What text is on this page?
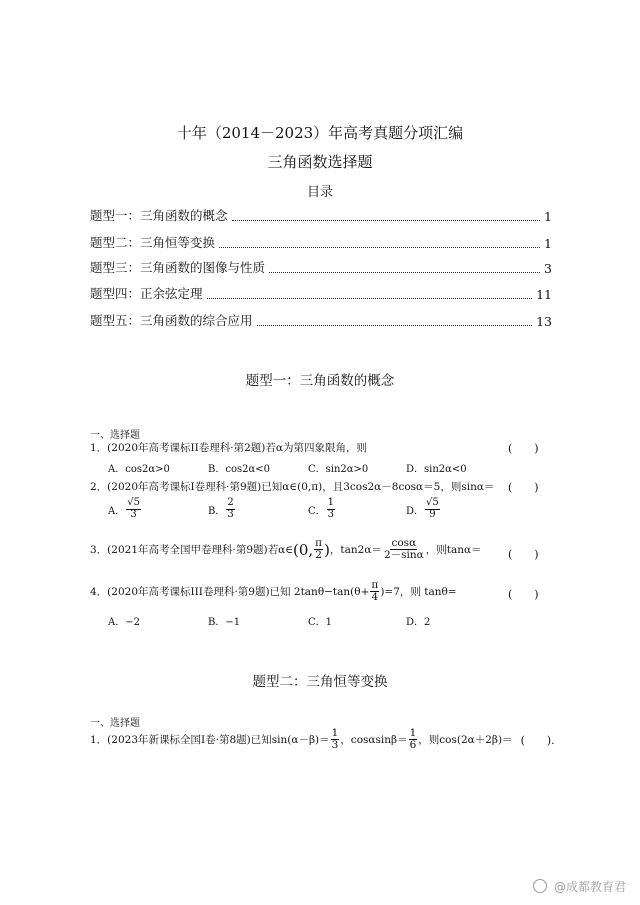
十年（2014－2023）年高考真题分项汇编
三角函数选择题
目录
题型一：三角函数的概念	1
题型二：三角恒等变换	1
题型三：三角函数的图像与性质	3
题型四：正余弦定理	11
题型五：三角函数的综合应用	13
题型一：三角函数的概念
一、选择题
1．(2020年高考课标II卷理科·第2题)若α为第四象限角，则	(　　)
A．cos2α>0	B．cos2α<0	C．sin2α>0	D．sin2α<0
2．(2020年高考课标I卷理科·第9题)已知α∈(0,π)，且3cos2α－8cosα＝5，则sinα＝ (　　)
A． $\frac{√5}{3}$	B． $\frac{2}{3}$	C． $\frac{1}{3}$	D． $\frac{√5}{9}$
3．(2021年高考全国甲卷理科·第9题)若α∈ (0, $\frac{\pi}{2}$ ) ，$\tan 2\alpha= \frac{\cos\alpha}{2-\sin\alpha}$ ，则tanα＝ (　　)
4．(2020年高考课标III卷理科·第9题)已知 $2\tan\theta-\tan(\theta+ \frac{\pi}{4} )=7$，则 tanθ=	(　　)
A．−2	B．−1	C．1	D．2
题型二：三角恒等变换
一、选择题
1．(2023年新课标全国I卷·第8题)已知$\sin(\alpha-\beta)= \frac{1}{3}$ ，$\cos\alpha\sin\beta= \frac{1}{6}$ ，则cos(2α＋2β)＝ (　　).
@成都教育君
